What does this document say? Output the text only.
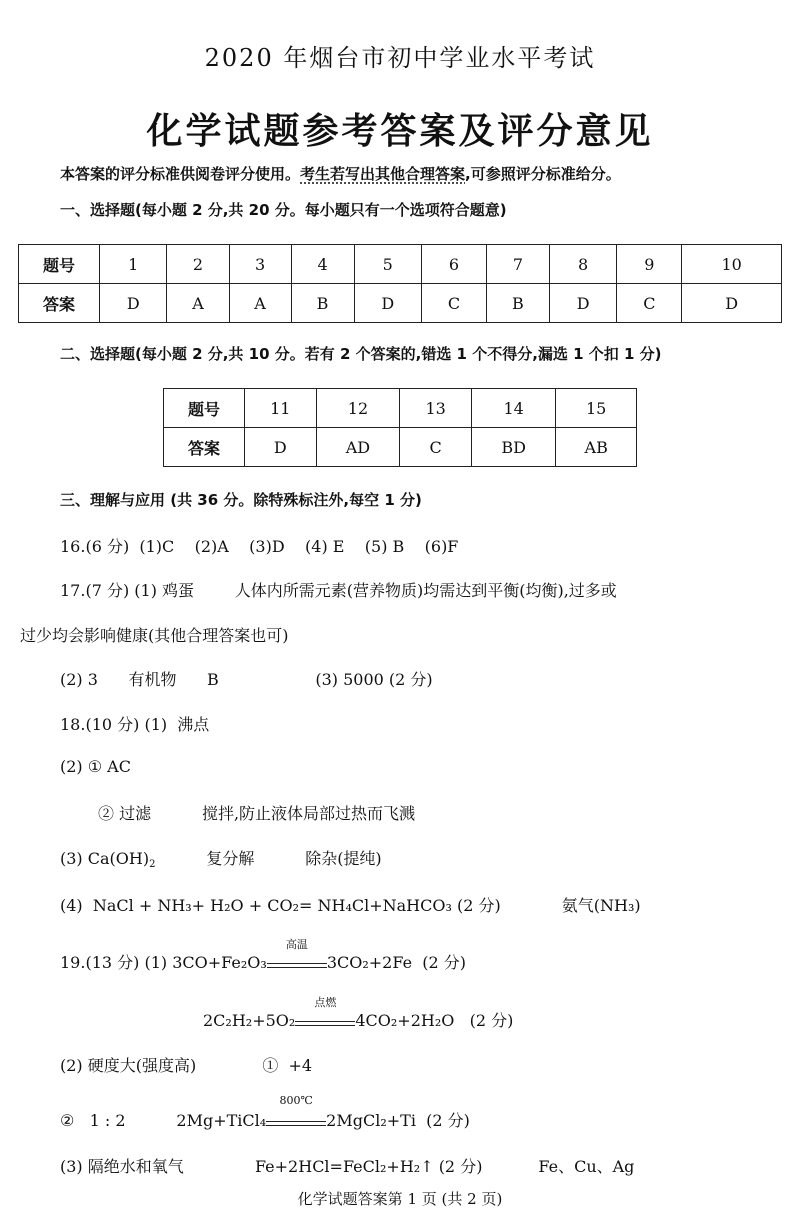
2020 年烟台市初中学业水平考试
化学试题参考答案及评分意见
本答案的评分标准供阅卷评分使用。考生若写出其他合理答案,可参照评分标准给分。
一、选择题(每小题 2 分,共 20 分。每小题只有一个选项符合题意)
题号	1	2	3	4	5	6	7	8	9	10
答案	D	A	A	B	D	C	B	D	C	D
二、选择题(每小题 2 分,共 10 分。若有 2 个答案的,错选 1 个不得分,漏选 1 个扣 1 分)
题号	11	12	13	14	15
答案	D	AD	C	BD	AB
三、理解与应用 (共 36 分。除特殊标注外,每空 1 分)
16.(6 分)  (1)C    (2)A    (3)D    (4) E    (5) B    (6)F
17.(7 分) (1) 鸡蛋        人体内所需元素(营养物质)均需达到平衡(均衡),过多或
过少均会影响健康(其他合理答案也可)
(2) 3      有机物      B                   (3) 5000 (2 分)
18.(10 分) (1)  沸点
(2) ① AC
② 过滤          搅拌,防止液体局部过热而飞溅
(3) $Ca(OH)_2$          复分解          除杂(提纯)
(4)  NaCl + NH₃+ H₂O + CO₂= NH₄Cl+NaHCO₃ (2 分)            氨气(NH₃)
19.(13 分) (1) 3CO+Fe₂O₃
高温
3CO₂+2Fe  (2 分)
2C₂H₂+5O₂
点燃
4CO₂+2H₂O   (2 分)
(2) 硬度大(强度高)             ①  +4
②   1 : 2          2Mg+TiCl₄
800℃
2MgCl₂+Ti  (2 分)
(3) 隔绝水和氧气              Fe+2HCl=FeCl₂+H₂↑ (2 分)           Fe、Cu、Ag
化学试题答案第 1 页 (共 2 页)
